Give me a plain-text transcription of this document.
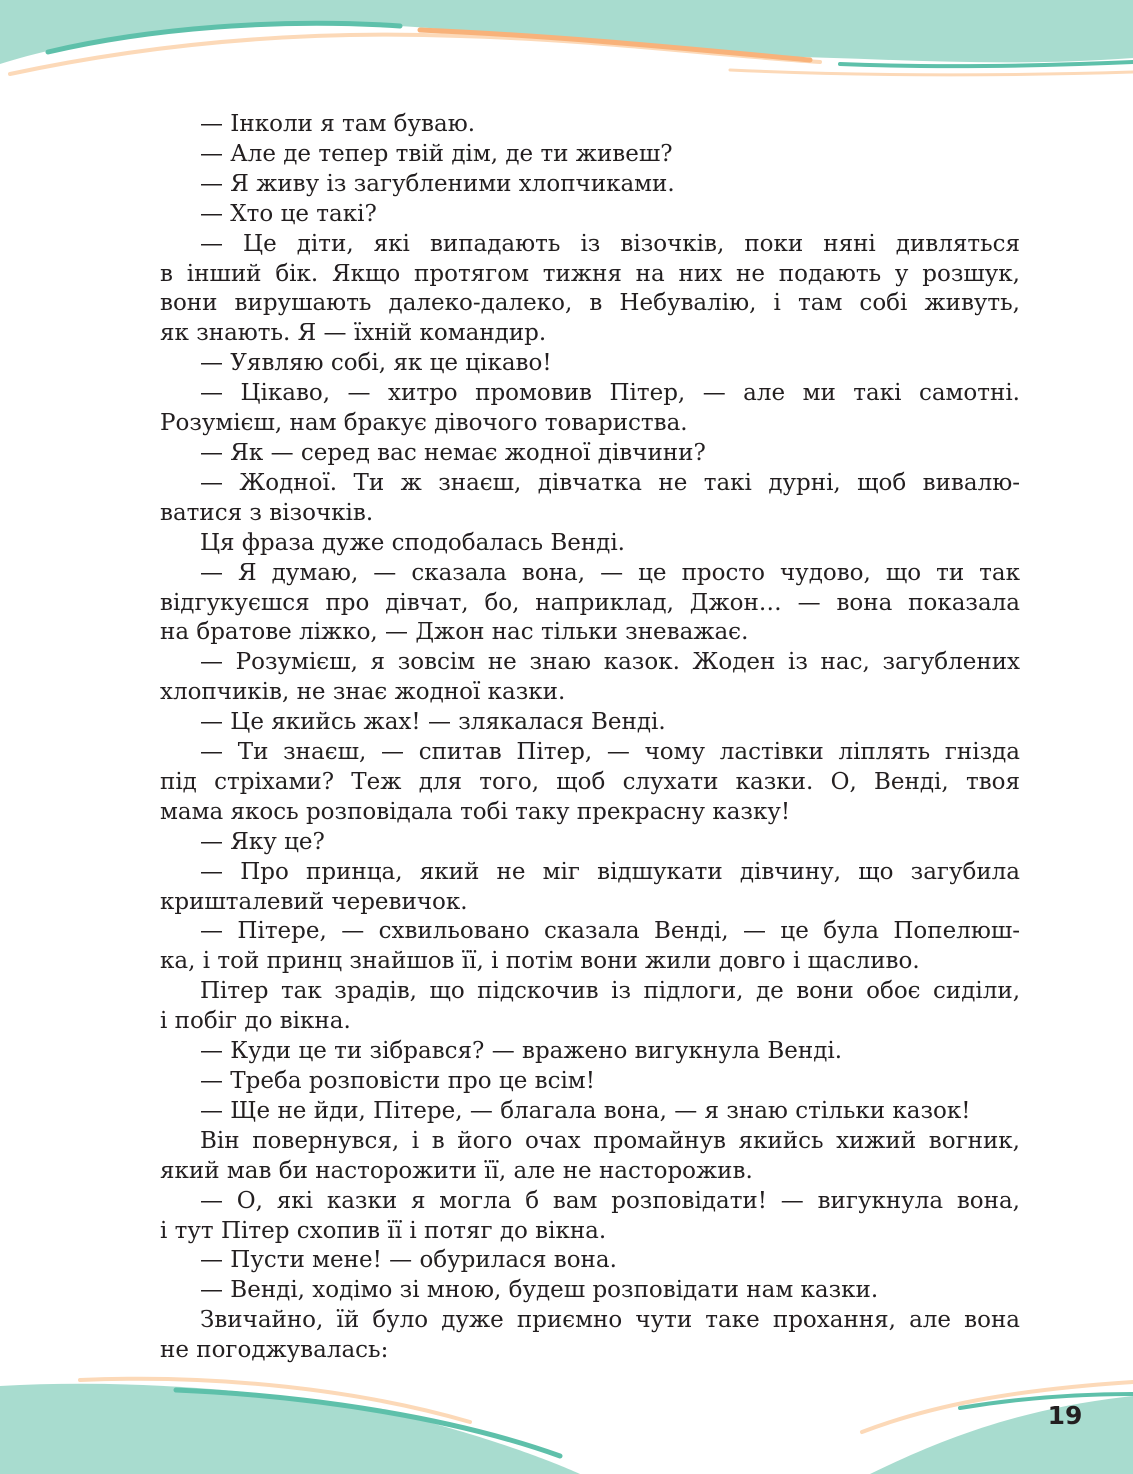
— Інколи я там буваю.
— Але де тепер твій дім, де ти живеш?
— Я живу із загубленими хлопчиками.
— Хто це такі?
— Це діти, які випадають із візочків, поки няні дивляться
в інший бік. Якщо протягом тижня на них не подають у розшук,
вони вирушають далеко-далеко, в Небувалію, і там собі живуть,
як знають. Я — їхній командир.
— Уявляю собі, як це цікаво!
— Цікаво, — хитро промовив Пітер, — але ми такі самотні.
Розумієш, нам бракує дівочого товариства.
— Як — серед вас немає жодної дівчини?
— Жодної. Ти ж знаєш, дівчатка не такі дурні, щоб вивалю-
ватися з візочків.
Ця фраза дуже сподобалась Венді.
— Я думаю, — сказала вона, — це просто чудово, що ти так
відгукуєшся про дівчат, бо, наприклад, Джон… — вона показала
на братове ліжко, — Джон нас тільки зневажає.
— Розумієш, я зовсім не знаю казок. Жоден із нас, загублених
хлопчиків, не знає жодної казки.
— Це якийсь жах! — злякалася Венді.
— Ти знаєш, — спитав Пітер, — чому ластівки ліплять гнізда
під стріхами? Теж для того, щоб слухати казки. О, Венді, твоя
мама якось розповідала тобі таку прекрасну казку!
— Яку це?
— Про принца, який не міг відшукати дівчину, що загубила
кришталевий черевичок.
— Пітере, — схвильовано сказала Венді, — це була Попелюш-
ка, і той принц знайшов її, і потім вони жили довго і щасливо.
Пітер так зрадів, що підскочив із підлоги, де вони обоє сиділи,
і побіг до вікна.
— Куди це ти зібрався? — вражено вигукнула Венді.
— Треба розповісти про це всім!
— Ще не йди, Пітере, — благала вона, — я знаю стільки казок!
Він повернувся, і в його очах промайнув якийсь хижий вогник,
який мав би насторожити її, але не насторожив.
— О, які казки я могла б вам розповідати! — вигукнула вона,
і тут Пітер схопив її і потяг до вікна.
— Пусти мене! — обурилася вона.
— Венді, ходімо зі мною, будеш розповідати нам казки.
Звичайно, їй було дуже приємно чути таке прохання, але вона
не погоджувалась:
19
